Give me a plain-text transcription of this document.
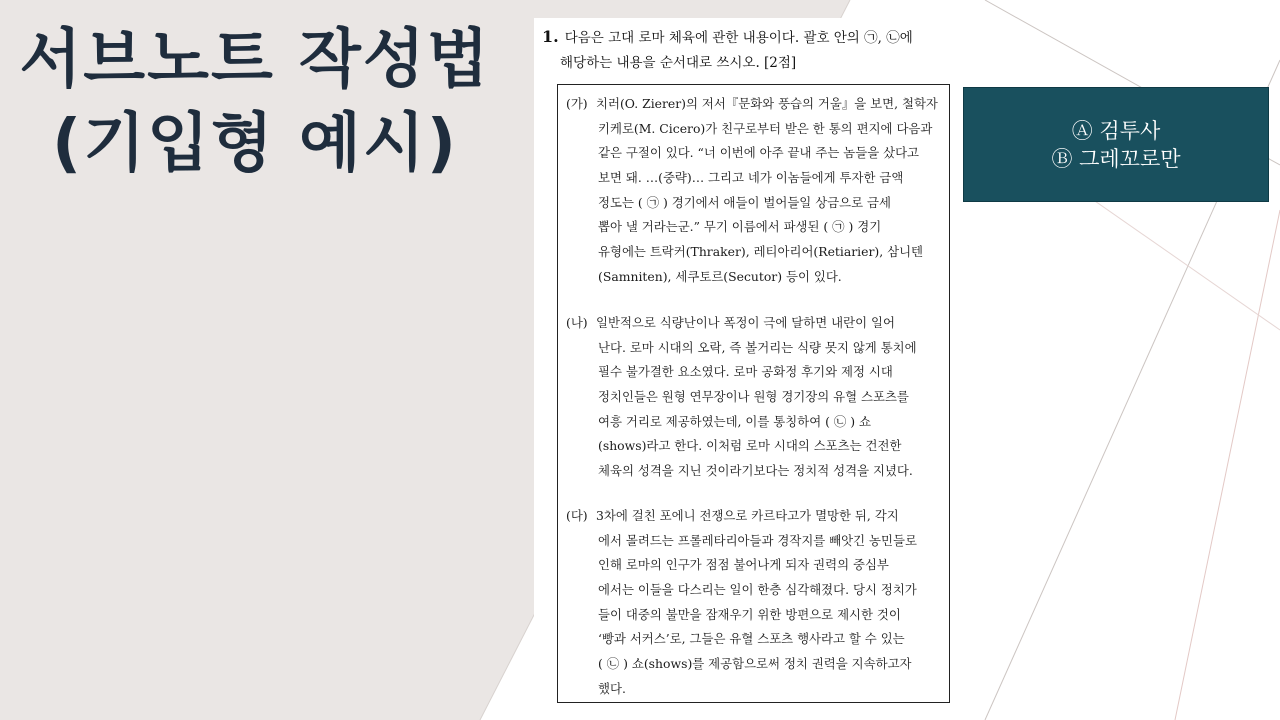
서브노트 작성법
(기입형 예시)
1. 다음은 고대 로마 체육에 관한 내용이다. 괄호 안의 ㉠, ㉡에
해당하는 내용을 순서대로 쓰시오. [2점]
(가) 치러(O. Zierer)의 저서『문화와 풍습의 거울』을 보면, 철학자
키케로(M. Cicero)가 친구로부터 받은 한 통의 편지에 다음과
같은 구절이 있다. “너 이번에 아주 끝내 주는 놈들을 샀다고
보면 돼. …(중략)… 그리고 네가 이놈들에게 투자한 금액
정도는 ( ㉠ ) 경기에서 애들이 벌어들일 상금으로 금세
뽑아 낼 거라는군.” 무기 이름에서 파생된 ( ㉠ ) 경기
유형에는 트락커(Thraker), 레티아리어(Retiarier), 삼니텐
(Samniten), 세쿠토르(Secutor) 등이 있다.
(나) 일반적으로 식량난이나 폭정이 극에 달하면 내란이 일어
난다. 로마 시대의 오락, 즉 볼거리는 식량 못지 않게 통치에
필수 불가결한 요소였다. 로마 공화정 후기와 제정 시대
정치인들은 원형 연무장이나 원형 경기장의 유혈 스포츠를
여흥 거리로 제공하였는데, 이를 통칭하여 ( ㉡ ) 쇼
(shows)라고 한다. 이처럼 로마 시대의 스포츠는 건전한
체육의 성격을 지닌 것이라기보다는 정치적 성격을 지녔다.
(다) 3차에 걸친 포에니 전쟁으로 카르타고가 멸망한 뒤, 각지
에서 몰려드는 프롤레타리아들과 경작지를 빼앗긴 농민들로
인해 로마의 인구가 점점 불어나게 되자 권력의 중심부
에서는 이들을 다스리는 일이 한층 심각해졌다. 당시 정치가
들이 대중의 불만을 잠재우기 위한 방편으로 제시한 것이
‘빵과 서커스’로, 그들은 유혈 스포츠 행사라고 할 수 있는
( ㉡ ) 쇼(shows)를 제공함으로써 정치 권력을 지속하고자
했다.
Ⓐ 검투사
Ⓑ 그레꼬로만
